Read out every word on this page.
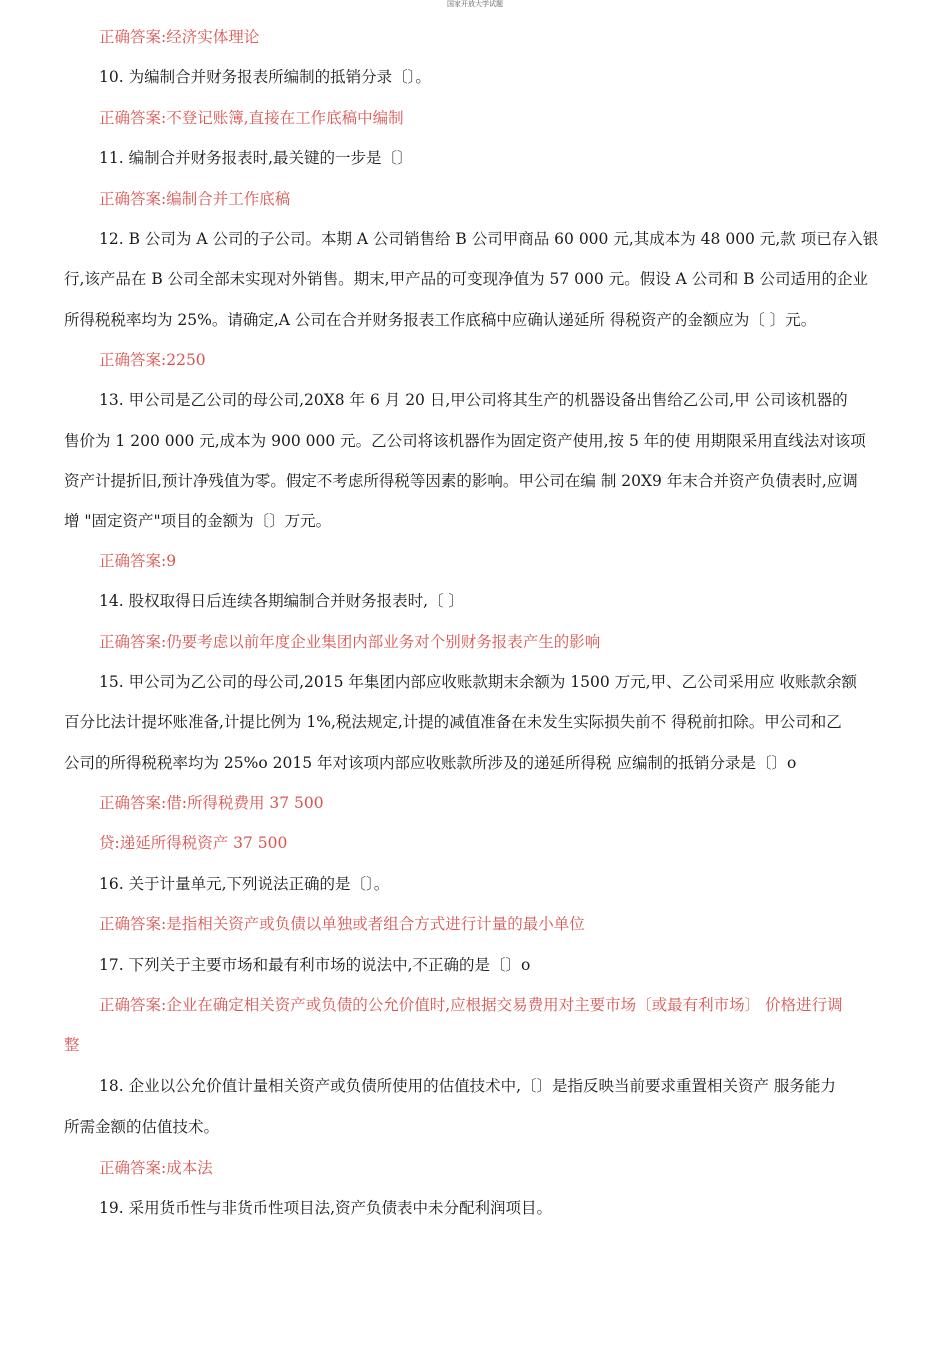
国家开放大学试题
正确答案:经济实体理论
10. 为编制合并财务报表所编制的抵销分录〔〕。
正确答案:不登记账簿,直接在工作底稿中编制
11. 编制合并财务报表时,最关键的一步是〔〕
正确答案:编制合并工作底稿
12. B 公司为 A 公司的子公司。本期 A 公司销售给 B 公司甲商品 60 000 元,其成本为 48 000 元,款 项已存入银
行,该产品在 B 公司全部未实现对外销售。期末,甲产品的可变现净值为 57 000 元。假设 A 公司和 B 公司适用的企业
所得税税率均为 25%。请确定,A 公司在合并财务报表工作底稿中应确认递延所 得税资产的金额应为〔 〕元。
正确答案:2250
13. 甲公司是乙公司的母公司,20X8 年 6 月 20 日,甲公司将其生产的机器设备出售给乙公司,甲 公司该机器的
售价为 1 200 000 元,成本为 900 000 元。乙公司将该机器作为固定资产使用,按 5 年的使 用期限采用直线法对该项
资产计提折旧,预计净残值为零。假定不考虑所得税等因素的影响。甲公司在编 制 20X9 年末合并资产负债表时,应调
增 "固定资产"项目的金额为〔〕万元。
正确答案:9
14. 股权取得日后连续各期编制合并财务报表时,〔 〕
正确答案:仍要考虑以前年度企业集团内部业务对个别财务报表产生的影响
15. 甲公司为乙公司的母公司,2015 年集团内部应收账款期末余额为 1500 万元,甲、乙公司采用应 收账款余额
百分比法计提坏账准备,计提比例为 1%,税法规定,计提的减值准备在未发生实际损失前不 得税前扣除。甲公司和乙
公司的所得税税率均为 25%o 2015 年对该项内部应收账款所涉及的递延所得税 应编制的抵销分录是〔〕o
正确答案:借:所得税费用 37 500
贷:递延所得税资产 37 500
16. 关于计量单元,下列说法正确的是〔〕。
正确答案:是指相关资产或负债以单独或者组合方式进行计量的最小单位
17. 下列关于主要市场和最有利市场的说法中,不正确的是〔〕o
正确答案:企业在确定相关资产或负债的公允价值时,应根据交易费用对主要市场〔或最有利市场〕 价格进行调
整
18. 企业以公允价值计量相关资产或负债所使用的估值技术中,〔〕是指反映当前要求重置相关资产 服务能力
所需金额的估值技术。
正确答案:成本法
19. 采用货币性与非货币性项目法,资产负债表中未分配利润项目。
